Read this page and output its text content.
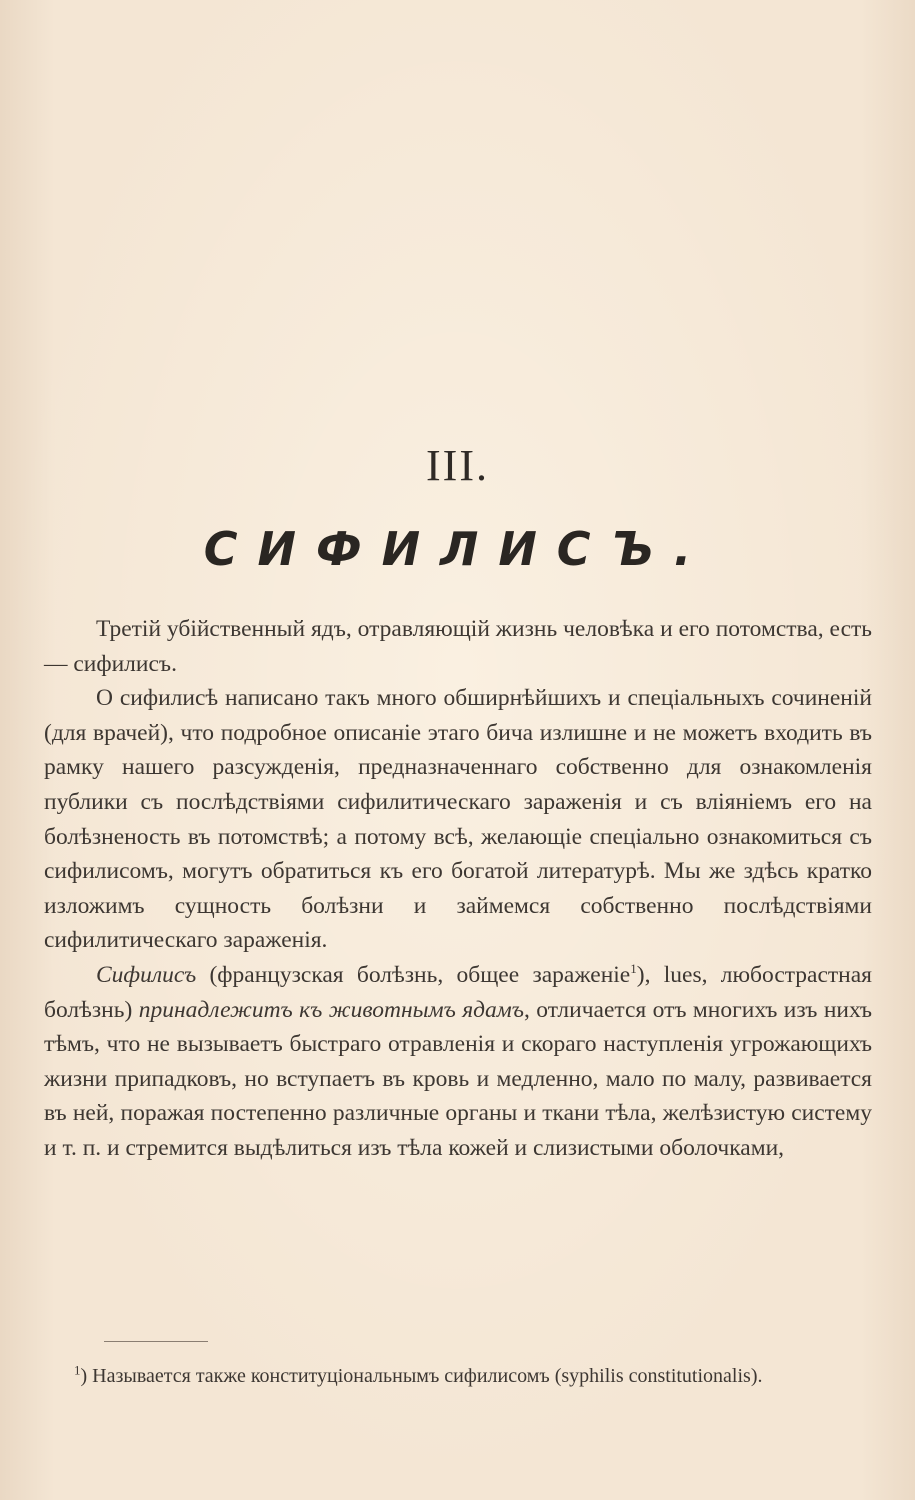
III.
СИФИЛИСЪ.

Третій убійственный ядъ, отравляющій жизнь человѣка и его потомства, есть — сифилисъ.

О сифилисѣ написано такъ много обширнѣйшихъ и спеціальныхъ сочиненій (для врачей), что подробное описаніе этаго бича излишне и не можетъ входить въ рамку нашего разсужденія, предназначеннаго собственно для ознакомленія публики съ послѣдствіями сифилитическаго зараженія и съ вліяніемъ его на болѣзненость въ потомствѣ; а потому всѣ, желающіе спеціально ознакомиться съ сифилисомъ, могутъ обратиться къ его богатой литературѣ. Мы же здѣсь кратко изложимъ сущность болѣзни и займемся собственно послѣдствіями сифилитическаго зараженія.

Сифилисъ (французская болѣзнь, общее зараженіе$^1$), lues, любострастная болѣзнь) принадлежитъ къ животнымъ ядамъ, отличается отъ многихъ изъ нихъ тѣмъ, что не вызываетъ быстраго отравленія и скораго наступленія угрожающихъ жизни припадковъ, но вступаетъ въ кровь и медленно, мало по малу, развивается въ ней, поражая постепенно различные органы и ткани тѣла, желѣзистую систему и т. п. и стремится выдѣлиться изъ тѣла кожей и слизистыми оболочками,

$^1$) Называется также конституціональнымъ сифилисомъ (syphilis constitutionalis).
